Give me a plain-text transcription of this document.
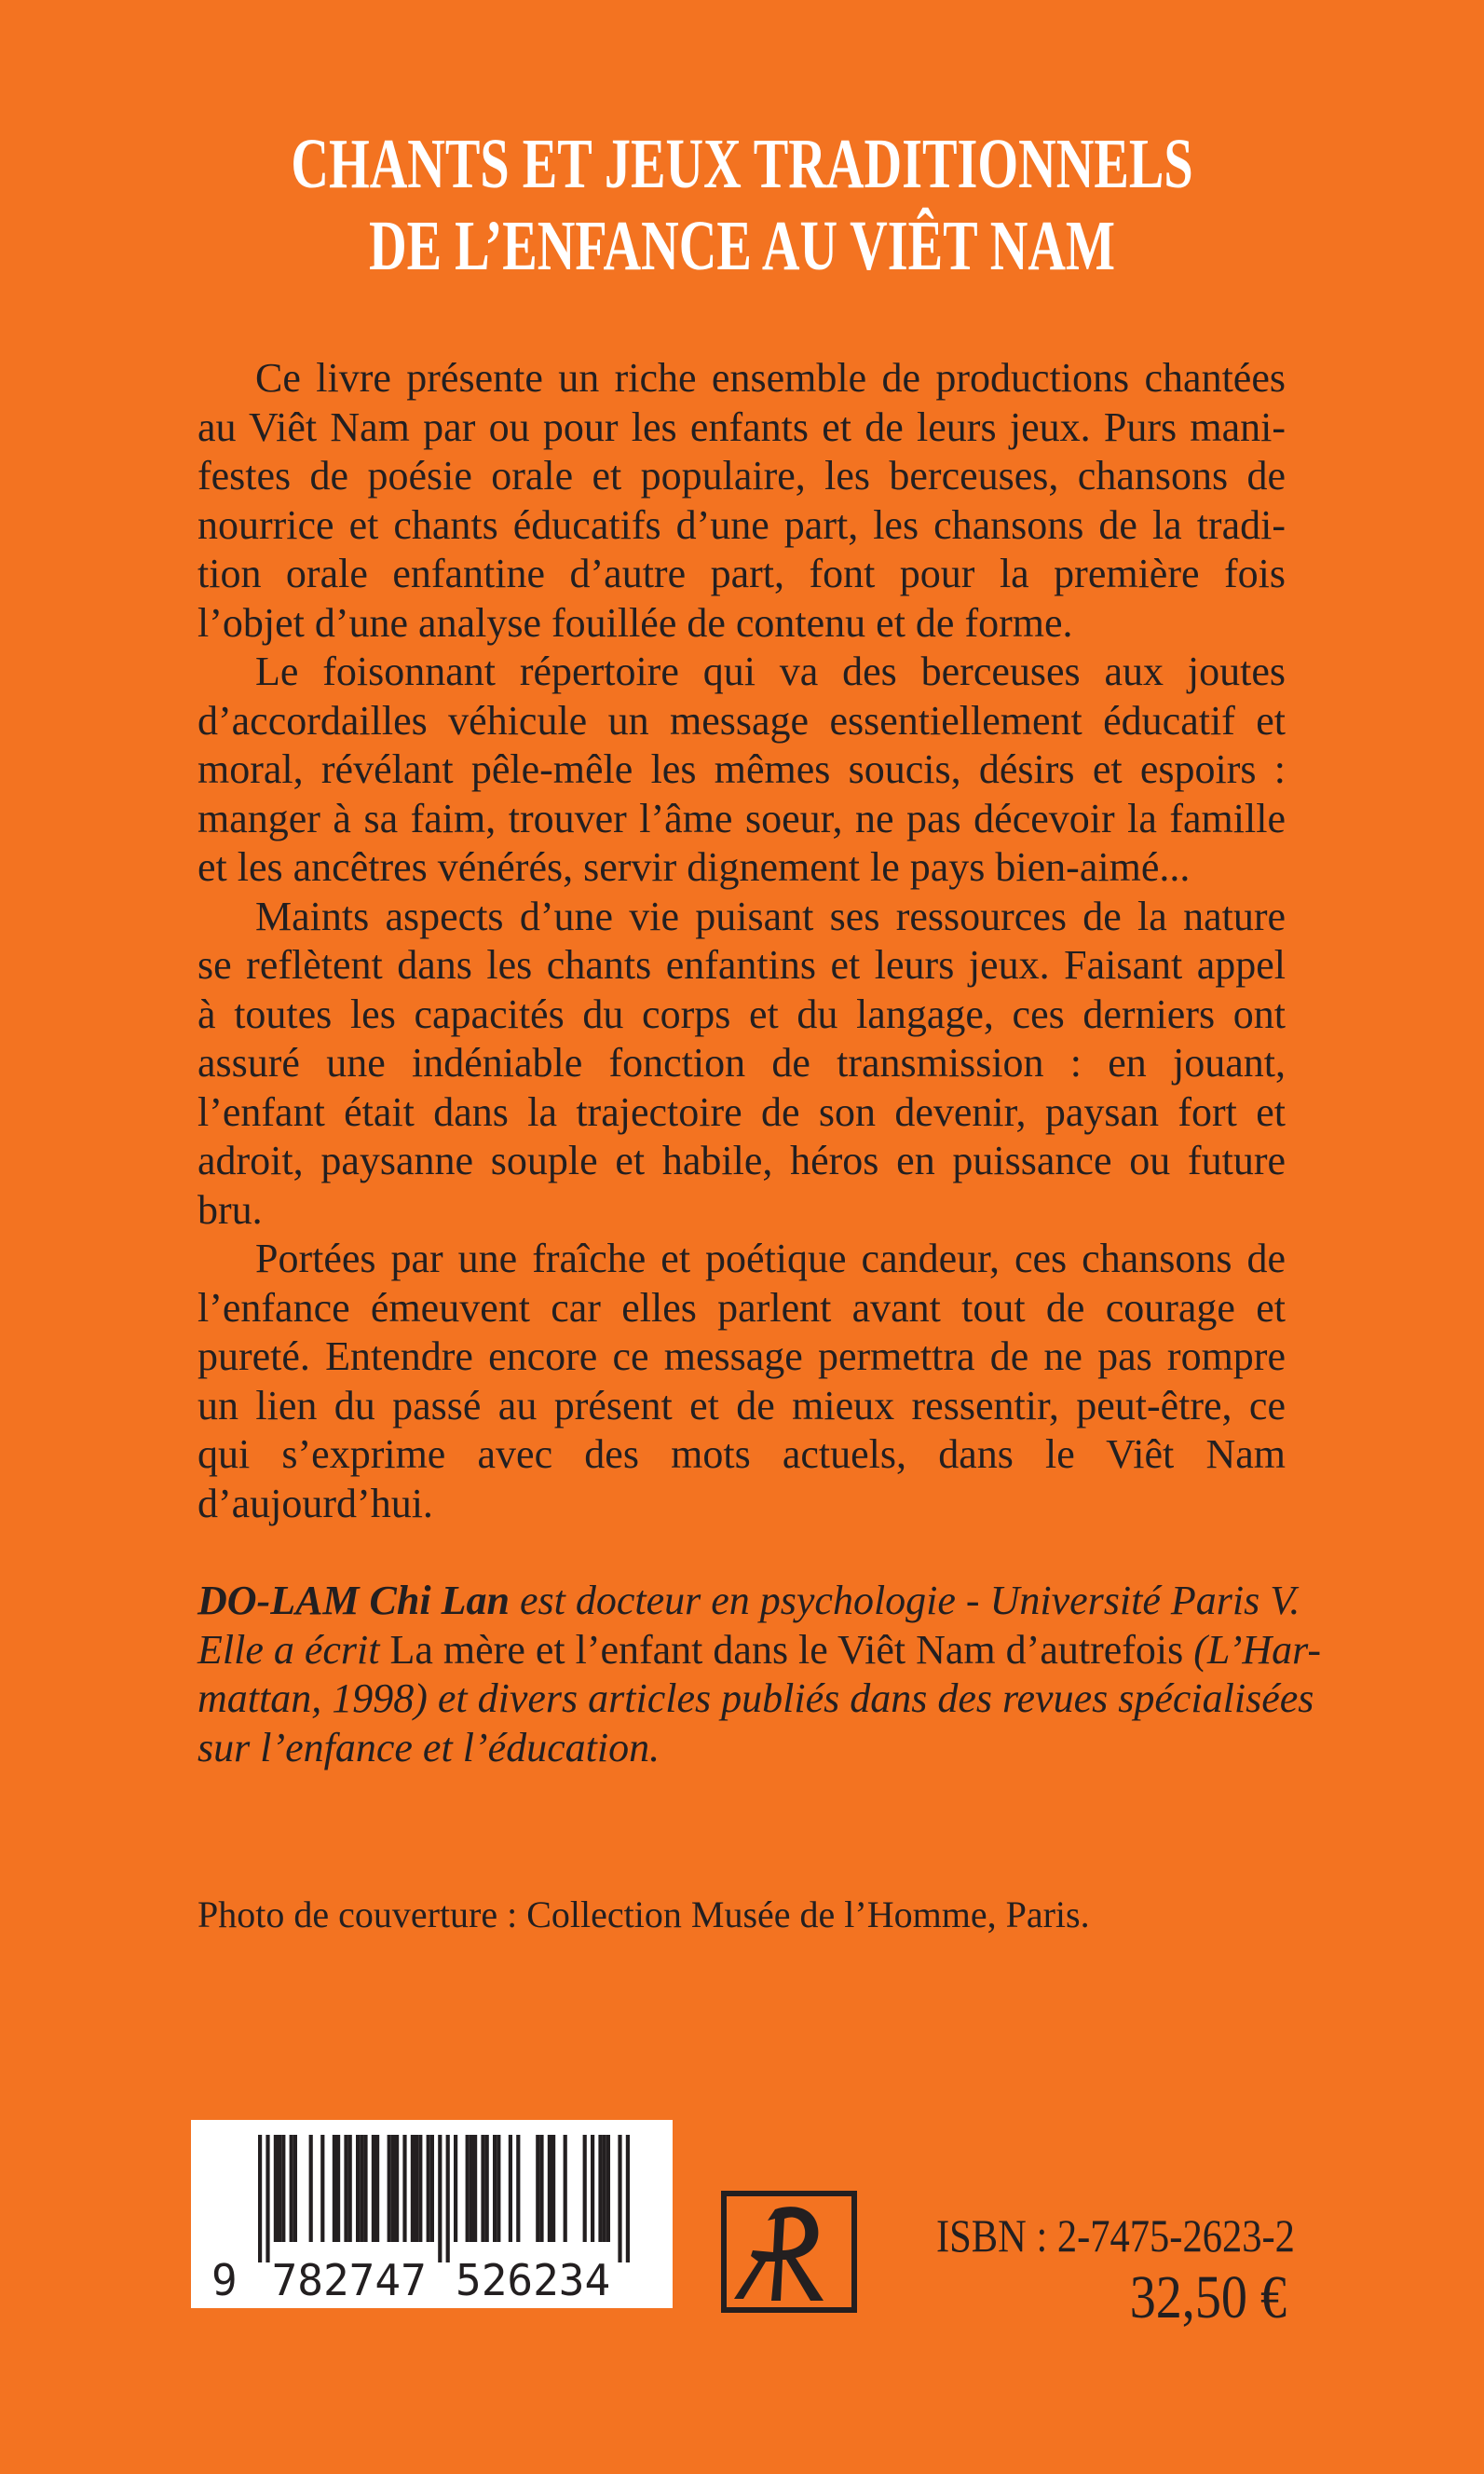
CHANTS ET JEUX TRADITIONNELS
DE L’ENFANCE AU VIÊT NAM
Ce livre présente un riche ensemble de productions chantées
au Viêt Nam par ou pour les enfants et de leurs jeux. Purs mani-
festes de poésie orale et populaire, les berceuses, chansons de
nourrice et chants éducatifs d’une part, les chansons de la tradi-
tion orale enfantine d’autre part, font pour la première fois
l’objet d’une analyse fouillée de contenu et de forme.
Le foisonnant répertoire qui va des berceuses aux joutes
d’accordailles véhicule un message essentiellement éducatif et
moral, révélant pêle-mêle les mêmes soucis, désirs et espoirs :
manger à sa faim, trouver l’âme soeur, ne pas décevoir la famille
et les ancêtres vénérés, servir dignement le pays bien-aimé...
Maints aspects d’une vie puisant ses ressources de la nature
se reflètent dans les chants enfantins et leurs jeux. Faisant appel
à toutes les capacités du corps et du langage, ces derniers ont
assuré une indéniable fonction de transmission : en jouant,
l’enfant était dans la trajectoire de son devenir, paysan fort et
adroit, paysanne souple et habile, héros en puissance ou future
bru.
Portées par une fraîche et poétique candeur, ces chansons de
l’enfance émeuvent car elles parlent avant tout de courage et
pureté. Entendre encore ce message permettra de ne pas rompre
un lien du passé au présent et de mieux ressentir, peut-être, ce
qui s’exprime avec des mots actuels, dans le Viêt Nam
d’aujourd’hui.
DO-LAM Chi Lan est docteur en psychologie - Université Paris V.
Elle a écrit La mère et l’enfant dans le Viêt Nam d’autrefois (L’Har-
mattan, 1998) et divers articles publiés dans des revues spécialisées
sur l’enfance et l’éducation.
Photo de couverture : Collection Musée de l’Homme, Paris.
9 782747 526234
ISBN : 2-7475-2623-2
32,50 €
